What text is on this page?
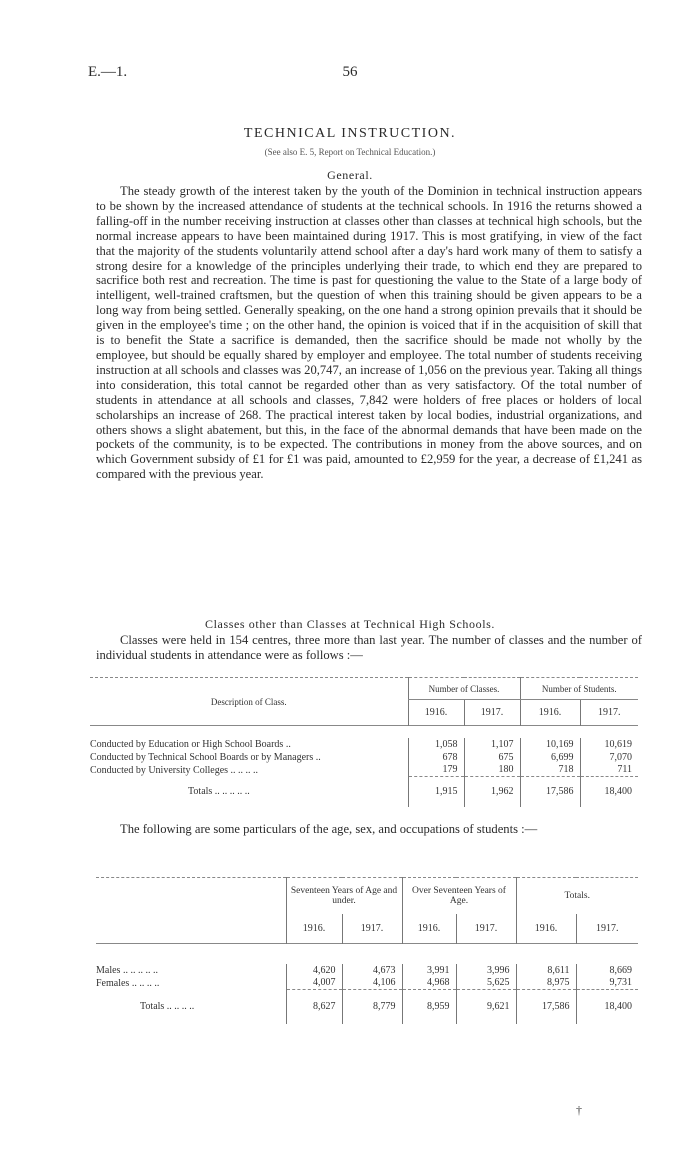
E.—1.	56
TECHNICAL INSTRUCTION.
(See also E. 5, Report on Technical Education.)
General.

The steady growth of the interest taken by the youth of the Dominion in technical instruction appears to be shown by the increased attendance of students at the technical schools. In 1916 the returns showed a falling-off in the number receiving instruction at classes other than classes at technical high schools, but the normal increase appears to have been maintained during 1917. This is most gratifying, in view of the fact that the majority of the students voluntarily attend school after a day's hard work many of them to satisfy a strong desire for a knowledge of the principles underlying their trade, to which end they are prepared to sacrifice both rest and recreation. The time is past for questioning the value to the State of a large body of intelligent, well-trained craftsmen, but the question of when this training should be given appears to be a long way from being settled. Generally speaking, on the one hand a strong opinion prevails that it should be given in the employee's time ; on the other hand, the opinion is voiced that if in the acquisition of skill that is to benefit the State a sacrifice is demanded, then the sacrifice should be made not wholly by the employee, but should be equally shared by employer and employee. The total number of students receiving instruction at all schools and classes was 20,747, an increase of 1,056 on the previous year. Taking all things into consideration, this total cannot be regarded other than as very satisfactory. Of the total number of students in attendance at all schools and classes, 7,842 were holders of free places or holders of local scholarships an increase of 268. The practical interest taken by local bodies, industrial organizations, and others shows a slight abatement, but this, in the face of the abnormal demands that have been made on the pockets of the community, is to be expected. The contributions in money from the above sources, and on which Government subsidy of £1 for £1 was paid, amounted to £2,959 for the year, a decrease of £1,241 as compared with the previous year.

Classes other than Classes at Technical High Schools.

Classes were held in 154 centres, three more than last year. The number of classes and the number of individual students in attendance were as follows :—

Description of Class.	Number of Classes.		Number of Students.	
	1916.	1917.	1916.	1917.

Conducted by Education or High School Boards ..	1,058	1,107	10,169	10,619
Conducted by Technical School Boards or by Managers ..	678	675	6,699	7,070
Conducted by University Colleges .. .. .. ..	179	180	718	711
Totals .. .. .. .. ..	1,915	1,962	17,586	18,400

The following are some particulars of the age, sex, and occupations of students :—

	Seventeen Years of Age and under.		Over Seventeen Years of Age.		Totals.	
	1916.	1917.	1916.	1917.	1916.	1917.

Males .. .. .. .. ..	4,620	4,673	3,991	3,996	8,611	8,669
Females .. .. .. ..	4,007	4,106	4,968	5,625	8,975	9,731
Totals .. .. .. ..	8,627	8,779	8,959	9,621	17,586	18,400
†
